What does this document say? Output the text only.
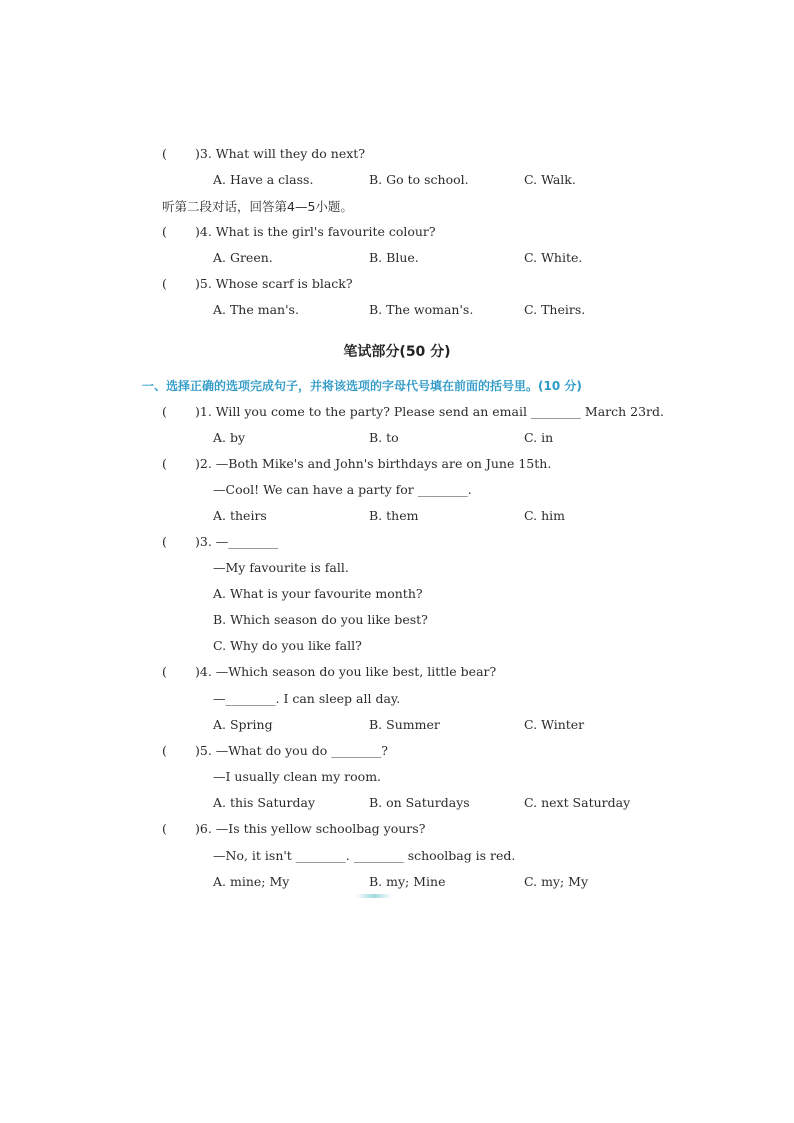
( )3. What will they do next?
A. Have a class.	B. Go to school.	C. Walk.
听第二段对话，回答第4—5小题。
( )4. What is the girl's favourite colour?
A. Green.	B. Blue.	C. White.
( )5. Whose scarf is black?
A. The man's.	B. The woman's.	C. Theirs.
笔试部分(50 分)
一、选择正确的选项完成句子，并将该选项的字母代号填在前面的括号里。(10 分)
( )1. Will you come to the party? Please send an email ________ March 23rd.
A. by	B. to	C. in
( )2. —Both Mike's and John's birthdays are on June 15th.
—Cool! We can have a party for ________.
A. theirs	B. them	C. him
( )3. —________
—My favourite is fall.
A. What is your favourite month?
B. Which season do you like best?
C. Why do you like fall?
( )4. —Which season do you like best, little bear?
—________. I can sleep all day.
A. Spring	B. Summer	C. Winter
( )5. —What do you do ________?
—I usually clean my room.
A. this Saturday	B. on Saturdays	C. next Saturday
( )6. —Is this yellow schoolbag yours?
—No, it isn't ________. ________ schoolbag is red.
A. mine; My	B. my; Mine	C. my; My
